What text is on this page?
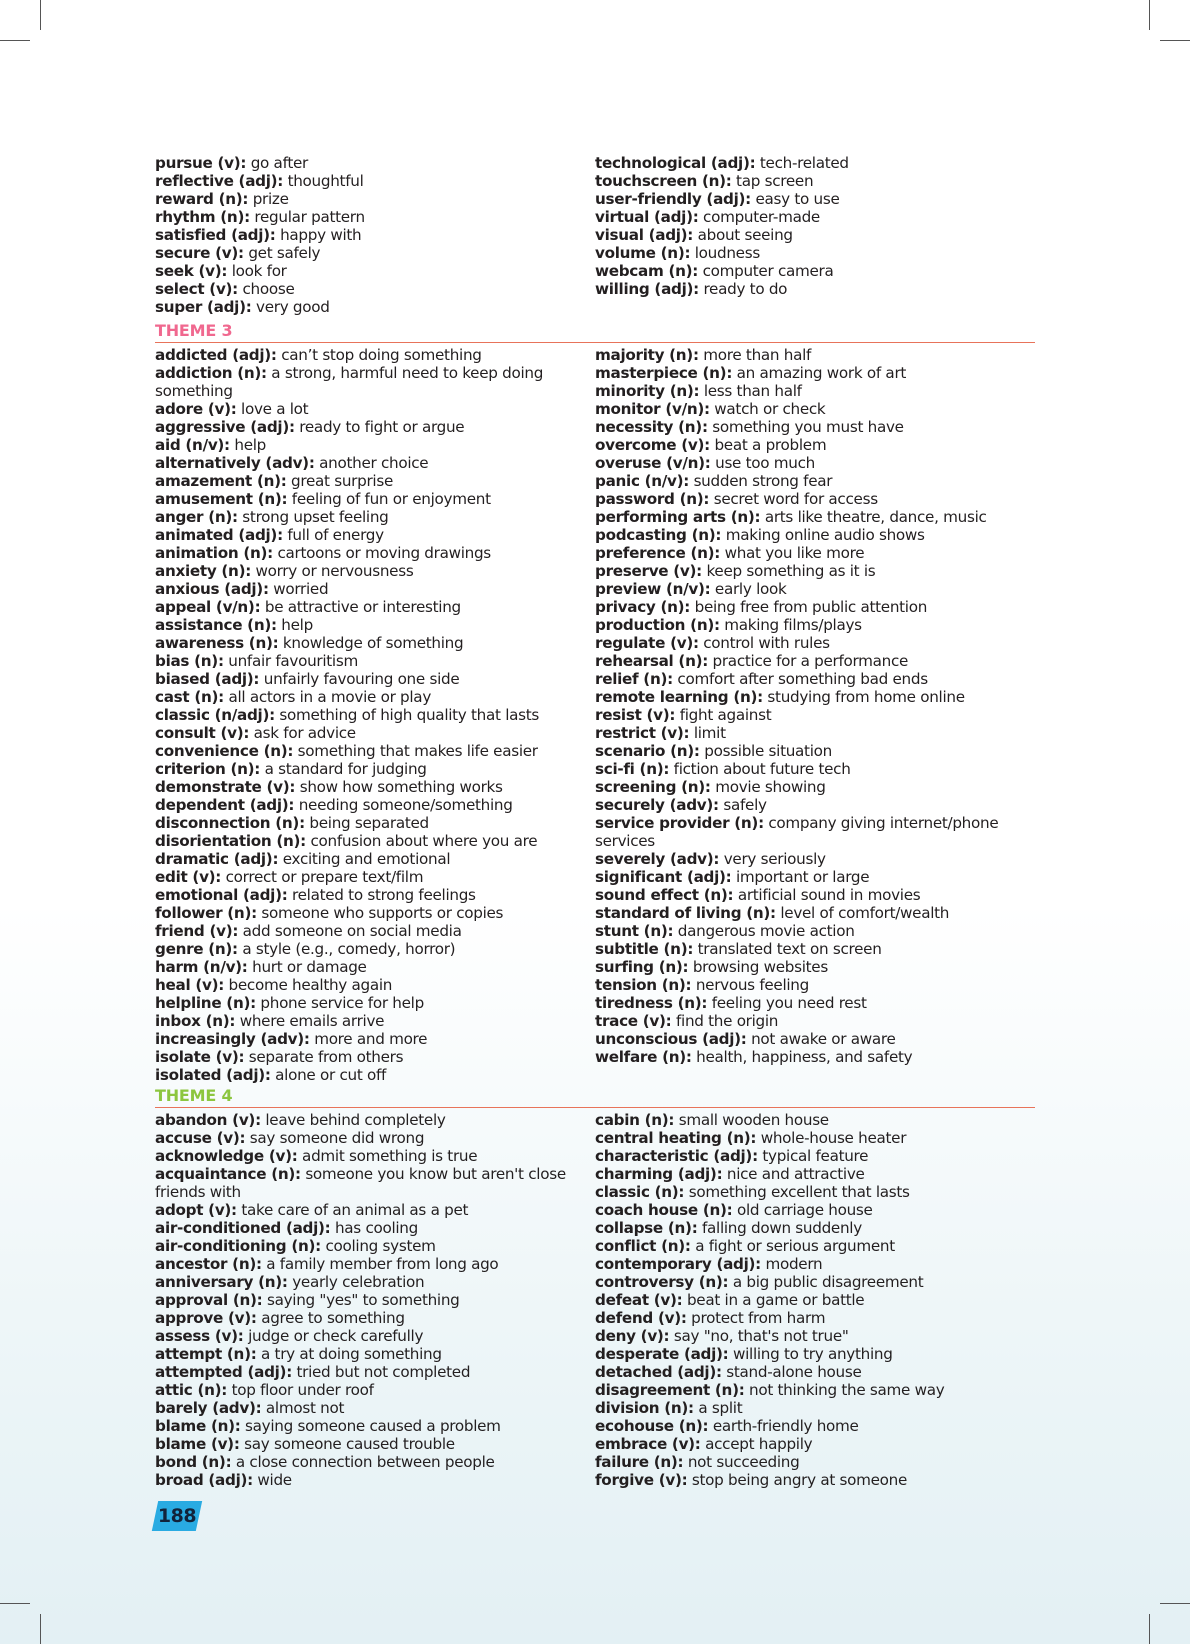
pursue (v): go after

reflective (adj): thoughtful

reward (n): prize

rhythm (n): regular pattern

satisfied (adj): happy with

secure (v): get safely

seek (v): look for

select (v): choose

super (adj): very good

technological (adj): tech-related

touchscreen (n): tap screen

user-friendly (adj): easy to use

virtual (adj): computer-made

visual (adj): about seeing

volume (n): loudness

webcam (n): computer camera

willing (adj): ready to do

THEME 3

addicted (adj): can’t stop doing something

addiction (n): a strong, harmful need to keep doing

something

adore (v): love a lot

aggressive (adj): ready to fight or argue

aid (n/v): help

alternatively (adv): another choice

amazement (n): great surprise

amusement (n): feeling of fun or enjoyment

anger (n): strong upset feeling

animated (adj): full of energy

animation (n): cartoons or moving drawings

anxiety (n): worry or nervousness

anxious (adj): worried

appeal (v/n): be attractive or interesting

assistance (n): help

awareness (n): knowledge of something

bias (n): unfair favouritism

biased (adj): unfairly favouring one side

cast (n): all actors in a movie or play

classic (n/adj): something of high quality that lasts

consult (v): ask for advice

convenience (n): something that makes life easier

criterion (n): a standard for judging

demonstrate (v): show how something works

dependent (adj): needing someone/something

disconnection (n): being separated

disorientation (n): confusion about where you are

dramatic (adj): exciting and emotional

edit (v): correct or prepare text/film

emotional (adj): related to strong feelings

follower (n): someone who supports or copies

friend (v): add someone on social media

genre (n): a style (e.g., comedy, horror)

harm (n/v): hurt or damage

heal (v): become healthy again

helpline (n): phone service for help

inbox (n): where emails arrive

increasingly (adv): more and more

isolate (v): separate from others

isolated (adj): alone or cut off

majority (n): more than half

masterpiece (n): an amazing work of art

minority (n): less than half

monitor (v/n): watch or check

necessity (n): something you must have

overcome (v): beat a problem

overuse (v/n): use too much

panic (n/v): sudden strong fear

password (n): secret word for access

performing arts (n): arts like theatre, dance, music

podcasting (n): making online audio shows

preference (n): what you like more

preserve (v): keep something as it is

preview (n/v): early look

privacy (n): being free from public attention

production (n): making films/plays

regulate (v): control with rules

rehearsal (n): practice for a performance

relief (n): comfort after something bad ends

remote learning (n): studying from home online

resist (v): fight against

restrict (v): limit

scenario (n): possible situation

sci-fi (n): fiction about future tech

screening (n): movie showing

securely (adv): safely

service provider (n): company giving internet/phone

services

severely (adv): very seriously

significant (adj): important or large

sound effect (n): artificial sound in movies

standard of living (n): level of comfort/wealth

stunt (n): dangerous movie action

subtitle (n): translated text on screen

surfing (n): browsing websites

tension (n): nervous feeling

tiredness (n): feeling you need rest

trace (v): find the origin

unconscious (adj): not awake or aware

welfare (n): health, happiness, and safety

THEME 4

abandon (v): leave behind completely

accuse (v): say someone did wrong

acknowledge (v): admit something is true

acquaintance (n): someone you know but aren't close

friends with

adopt (v): take care of an animal as a pet

air-conditioned (adj): has cooling

air-conditioning (n): cooling system

ancestor (n): a family member from long ago

anniversary (n): yearly celebration

approval (n): saying "yes" to something

approve (v): agree to something

assess (v): judge or check carefully

attempt (n): a try at doing something

attempted (adj): tried but not completed

attic (n): top floor under roof

barely (adv): almost not

blame (n): saying someone caused a problem

blame (v): say someone caused trouble

bond (n): a close connection between people

broad (adj): wide

cabin (n): small wooden house

central heating (n): whole-house heater

characteristic (adj): typical feature

charming (adj): nice and attractive

classic (n): something excellent that lasts

coach house (n): old carriage house

collapse (n): falling down suddenly

conflict (n): a fight or serious argument

contemporary (adj): modern

controversy (n): a big public disagreement

defeat (v): beat in a game or battle

defend (v): protect from harm

deny (v): say "no, that's not true"

desperate (adj): willing to try anything

detached (adj): stand-alone house

disagreement (n): not thinking the same way

division (n): a split

ecohouse (n): earth-friendly home

embrace (v): accept happily

failure (n): not succeeding

forgive (v): stop being angry at someone

188
